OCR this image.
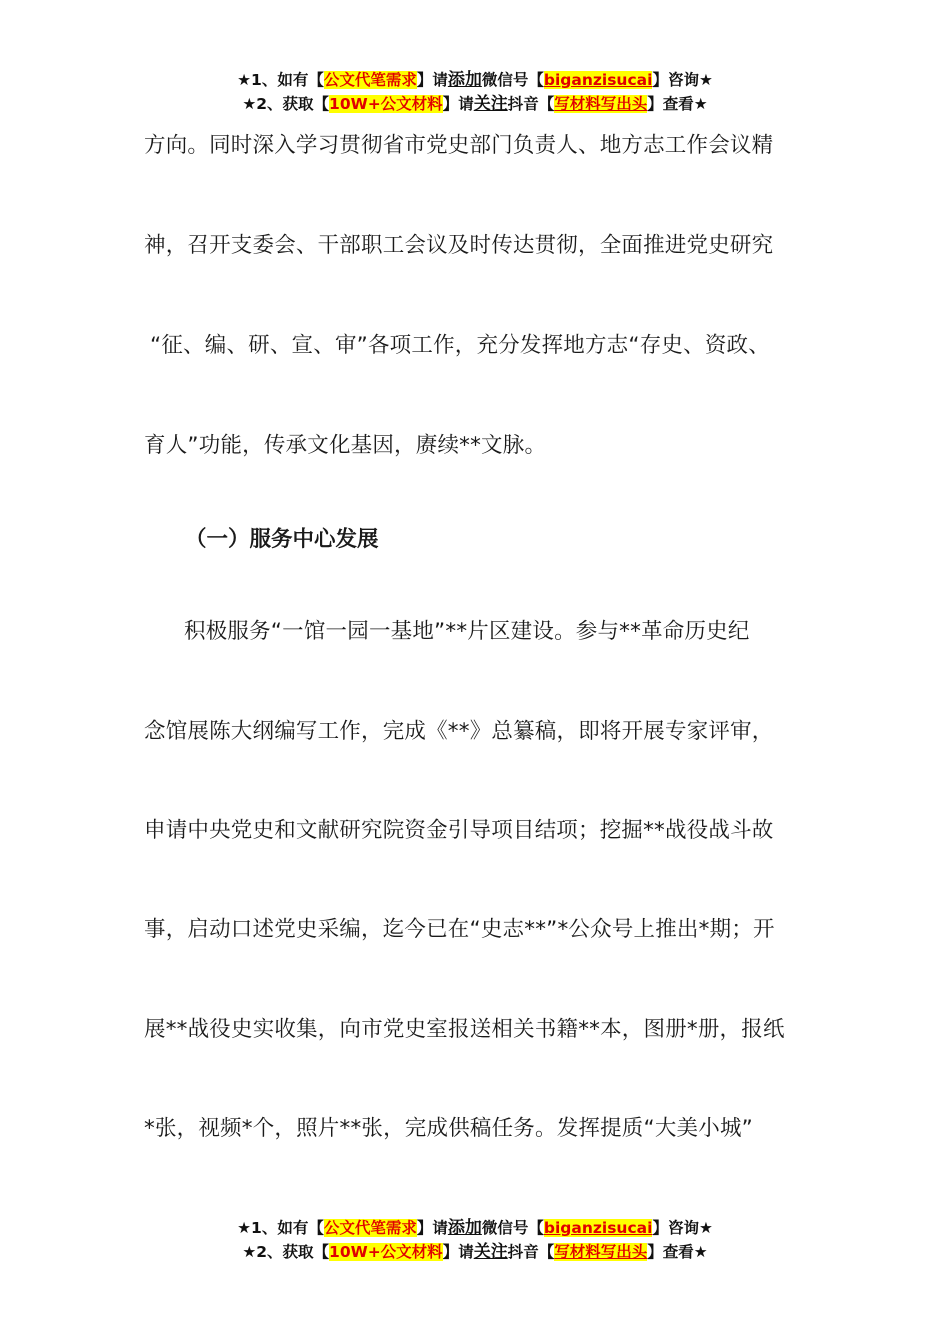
★1、如有【公文代笔需求】请添加微信号【biganzisucai】咨询★
★2、获取【10W+公文材料】请关注抖音【写材料写出头】查看★
方向。同时深入学习贯彻省市党史部门负责人、地方志工作会议精
神，召开支委会、干部职工会议及时传达贯彻，全面推进党史研究
“征、编、研、宣、审”各项工作，充分发挥地方志“存史、资政、
育人”功能，传承文化基因，赓续**文脉。
（一）服务中心发展
积极服务“一馆一园一基地”**片区建设。参与**革命历史纪
念馆展陈大纲编写工作，完成《**》总纂稿，即将开展专家评审，
申请中央党史和文献研究院资金引导项目结项；挖掘**战役战斗故
事，启动口述党史采编，迄今已在“史志**”*公众号上推出*期；开
展**战役史实收集，向市党史室报送相关书籍**本，图册*册，报纸
*张，视频*个，照片**张，完成供稿任务。发挥提质“大美小城”
★1、如有【公文代笔需求】请添加微信号【biganzisucai】咨询★
★2、获取【10W+公文材料】请关注抖音【写材料写出头】查看★
